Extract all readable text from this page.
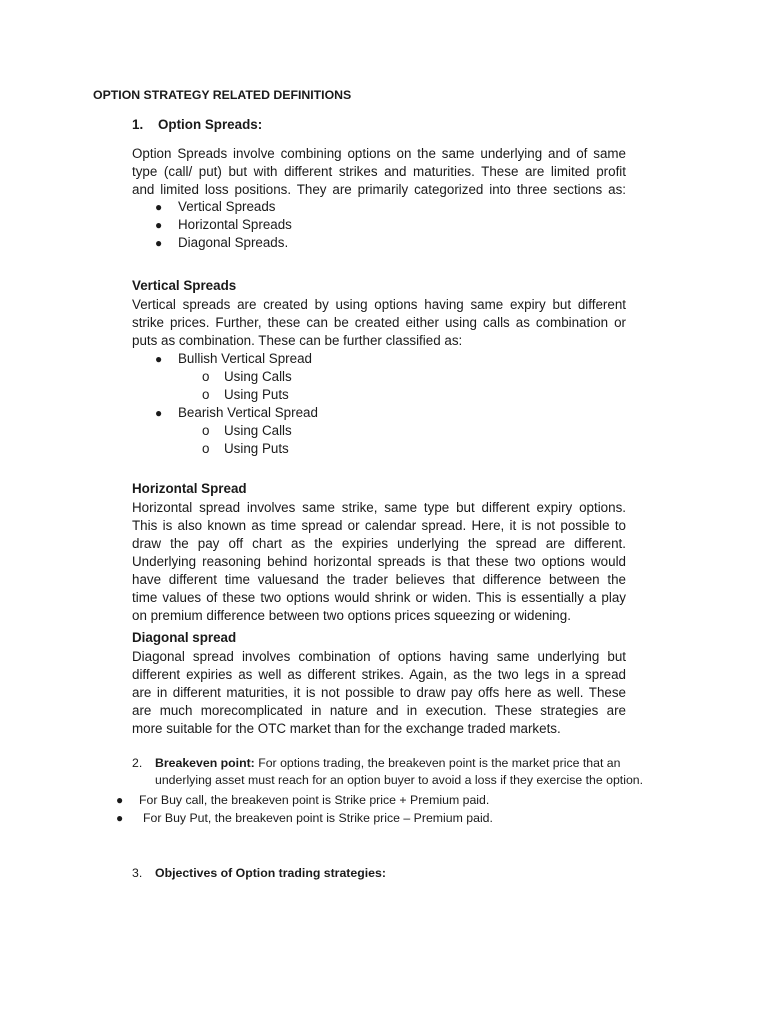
OPTION STRATEGY RELATED DEFINITIONS
1. Option Spreads:
Option Spreads involve combining options on the same underlying and of same
type (call/ put) but with different strikes and maturities. These are limited profit
and limited loss positions. They are primarily categorized into three sections as:
● Vertical Spreads
● Horizontal Spreads
● Diagonal Spreads.
Vertical Spreads
Vertical spreads are created by using options having same expiry but different
strike prices. Further, these can be created either using calls as combination or
puts as combination. These can be further classified as:
● Bullish Vertical Spread
o Using Calls
o Using Puts
● Bearish Vertical Spread
o Using Calls
o Using Puts
Horizontal Spread
Horizontal spread involves same strike, same type but different expiry options.
This is also known as time spread or calendar spread. Here, it is not possible to
draw the pay off chart as the expiries underlying the spread are different.
Underlying reasoning behind horizontal spreads is that these two options would
have different time valuesand the trader believes that difference between the
time values of these two options would shrink or widen. This is essentially a play
on premium difference between two options prices squeezing or widening.
Diagonal spread
Diagonal spread involves combination of options having same underlying but
different expiries as well as different strikes. Again, as the two legs in a spread
are in different maturities, it is not possible to draw pay offs here as well. These
are much morecomplicated in nature and in execution. These strategies are
more suitable for the OTC market than for the exchange traded markets.
2. Breakeven point: For options trading, the breakeven point is the market price that an
underlying asset must reach for an option buyer to avoid a loss if they exercise the option.
● For Buy call, the breakeven point is Strike price + Premium paid.
● For Buy Put, the breakeven point is Strike price – Premium paid.
3. Objectives of Option trading strategies:
